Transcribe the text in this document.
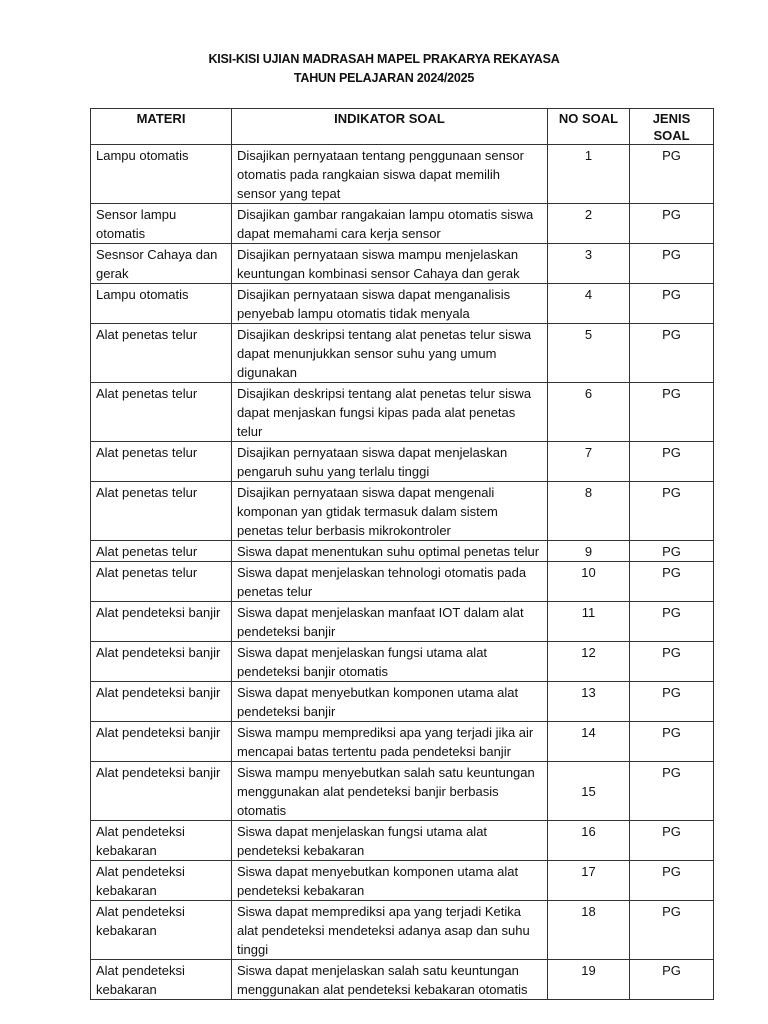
KISI-KISI UJIAN MADRASAH MAPEL PRAKARYA REKAYASA
TAHUN PELAJARAN 2024/2025
MATERI	INDIKATOR SOAL	NO SOAL	JENIS SOAL
Lampu otomatis	Disajikan pernyataan tentang penggunaan sensor otomatis pada rangkaian siswa dapat memilih sensor yang tepat	1	PG
Sensor lampu otomatis	Disajikan gambar rangakaian lampu otomatis siswa dapat memahami cara kerja sensor	2	PG
Sesnsor Cahaya dan gerak	Disajikan pernyataan siswa mampu menjelaskan keuntungan kombinasi sensor Cahaya dan gerak	3	PG
Lampu otomatis	Disajikan pernyataan siswa dapat menganalisis penyebab lampu otomatis tidak menyala	4	PG
Alat penetas telur	Disajikan deskripsi tentang alat penetas telur siswa dapat menunjukkan sensor suhu yang umum digunakan	5	PG
Alat penetas telur	Disajikan deskripsi tentang alat penetas telur siswa dapat menjaskan fungsi kipas pada alat penetas telur	6	PG
Alat penetas telur	Disajikan pernyataan siswa dapat menjelaskan pengaruh suhu yang terlalu tinggi	7	PG
Alat penetas telur	Disajikan pernyataan siswa dapat mengenali komponan yan gtidak termasuk dalam sistem penetas telur berbasis mikrokontroler	8	PG
Alat penetas telur	Siswa dapat menentukan suhu optimal penetas telur	9	PG
Alat penetas telur	Siswa dapat menjelaskan tehnologi otomatis pada penetas telur	10	PG
Alat pendeteksi banjir	Siswa dapat menjelaskan manfaat IOT dalam alat pendeteksi banjir	11	PG
Alat pendeteksi banjir	Siswa dapat menjelaskan fungsi utama alat pendeteksi banjir otomatis	12	PG
Alat pendeteksi banjir	Siswa dapat menyebutkan komponen utama alat pendeteksi banjir	13	PG
Alat pendeteksi banjir	Siswa mampu memprediksi apa yang terjadi jika air mencapai batas tertentu pada pendeteksi banjir	14	PG
Alat pendeteksi banjir	Siswa mampu menyebutkan salah satu keuntungan menggunakan alat pendeteksi banjir berbasis otomatis	15	PG
Alat pendeteksi kebakaran	Siswa dapat menjelaskan fungsi utama alat pendeteksi kebakaran	16	PG
Alat pendeteksi kebakaran	Siswa dapat menyebutkan komponen utama alat pendeteksi kebakaran	17	PG
Alat pendeteksi kebakaran	Siswa dapat memprediksi apa yang terjadi Ketika alat pendeteksi mendeteksi adanya asap dan suhu tinggi	18	PG
Alat pendeteksi kebakaran	Siswa dapat menjelaskan salah satu keuntungan menggunakan alat pendeteksi kebakaran otomatis	19	PG
